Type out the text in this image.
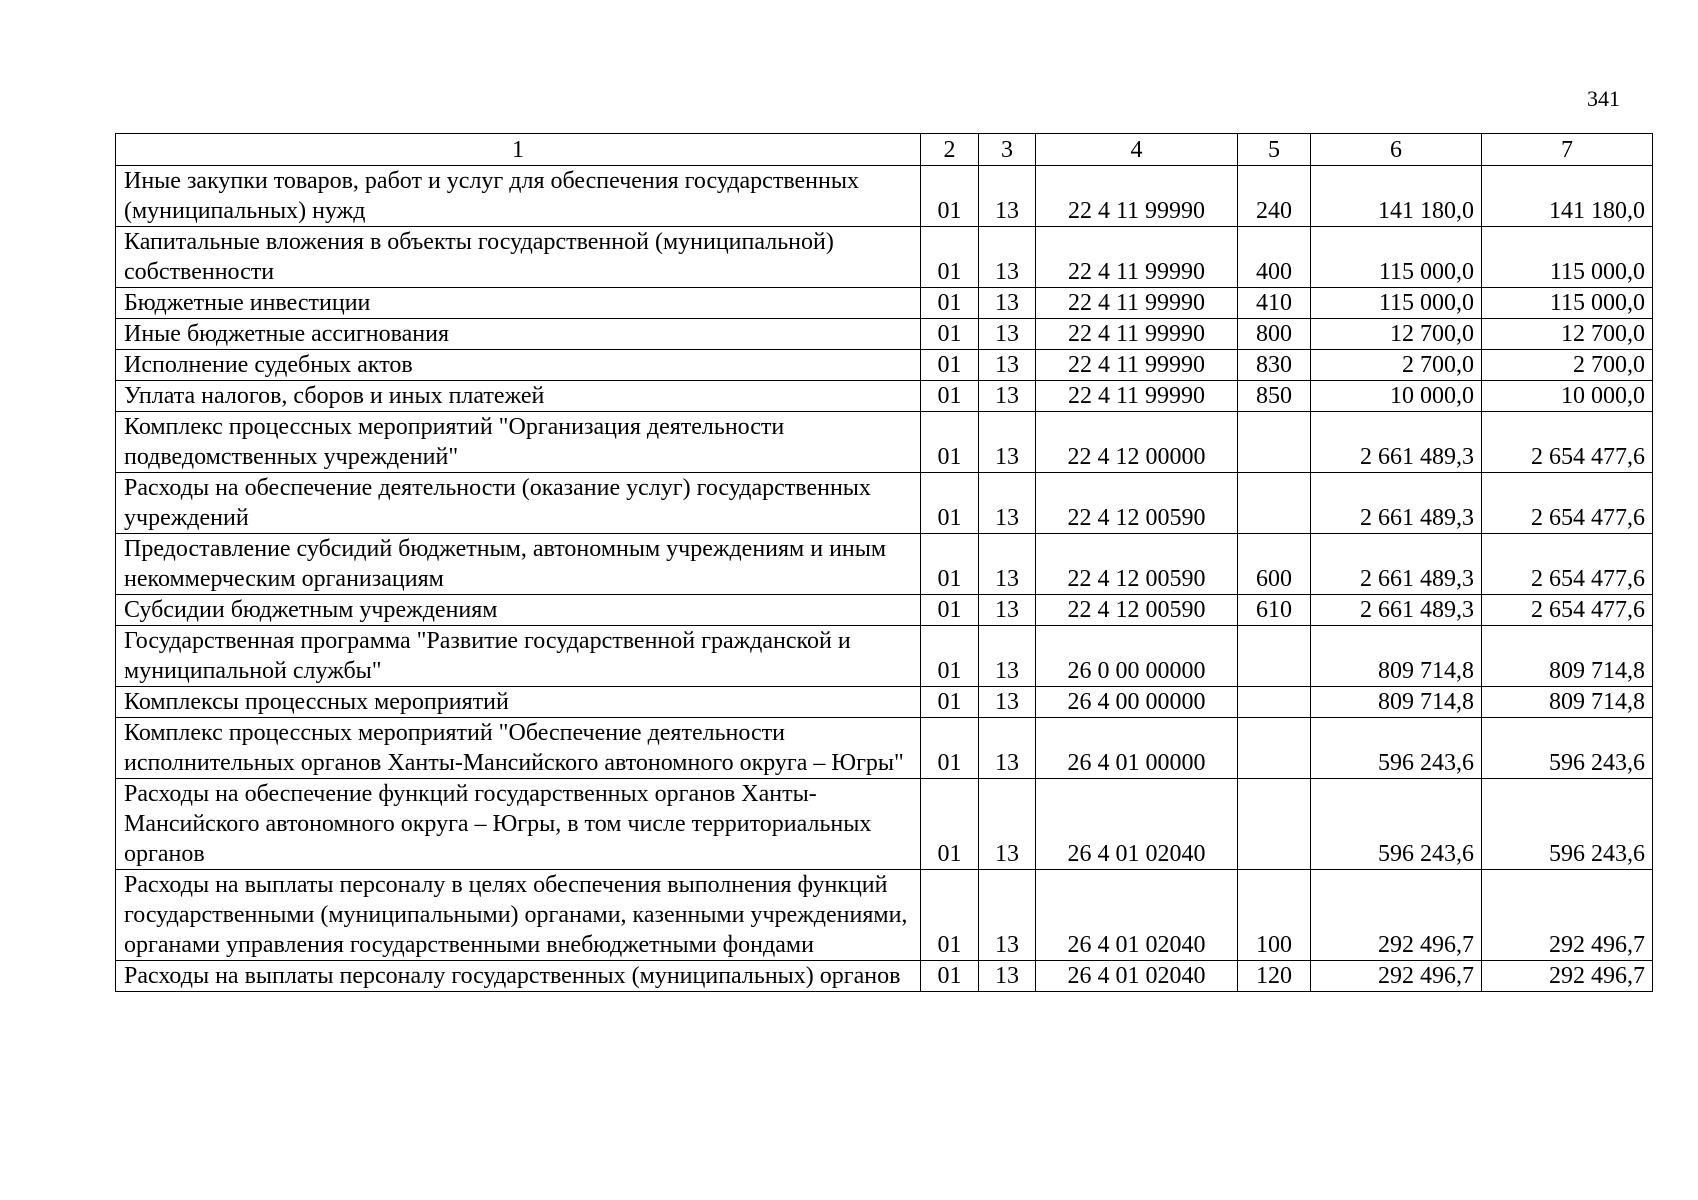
341
1	2	3	4	5	6	7
Иные закупки товаров, работ и услуг для обеспечения государственных (муниципальных) нужд	01	13	22 4 11 99990	240	141 180,0	141 180,0
Капитальные вложения в объекты государственной (муниципальной) собственности	01	13	22 4 11 99990	400	115 000,0	115 000,0
Бюджетные инвестиции	01	13	22 4 11 99990	410	115 000,0	115 000,0
Иные бюджетные ассигнования	01	13	22 4 11 99990	800	12 700,0	12 700,0
Исполнение судебных актов	01	13	22 4 11 99990	830	2 700,0	2 700,0
Уплата налогов, сборов и иных платежей	01	13	22 4 11 99990	850	10 000,0	10 000,0
Комплекс процессных мероприятий "Организация деятельности подведомственных учреждений"	01	13	22 4 12 00000		2 661 489,3	2 654 477,6
Расходы на обеспечение деятельности (оказание услуг) государственных учреждений	01	13	22 4 12 00590		2 661 489,3	2 654 477,6
Предоставление субсидий бюджетным, автономным учреждениям и иным некоммерческим организациям	01	13	22 4 12 00590	600	2 661 489,3	2 654 477,6
Субсидии бюджетным учреждениям	01	13	22 4 12 00590	610	2 661 489,3	2 654 477,6
Государственная программа "Развитие государственной гражданской и муниципальной службы"	01	13	26 0 00 00000		809 714,8	809 714,8
Комплексы процессных мероприятий	01	13	26 4 00 00000		809 714,8	809 714,8
Комплекс процессных мероприятий "Обеспечение деятельности исполнительных органов Ханты-Мансийского автономного округа – Югры"	01	13	26 4 01 00000		596 243,6	596 243,6
Расходы на обеспечение функций государственных органов Ханты-Мансийского автономного округа – Югры, в том числе территориальных органов	01	13	26 4 01 02040		596 243,6	596 243,6
Расходы на выплаты персоналу в целях обеспечения выполнения функций государственными (муниципальными) органами, казенными учреждениями, органами управления государственными внебюджетными фондами	01	13	26 4 01 02040	100	292 496,7	292 496,7
Расходы на выплаты персоналу государственных (муниципальных) органов	01	13	26 4 01 02040	120	292 496,7	292 496,7
